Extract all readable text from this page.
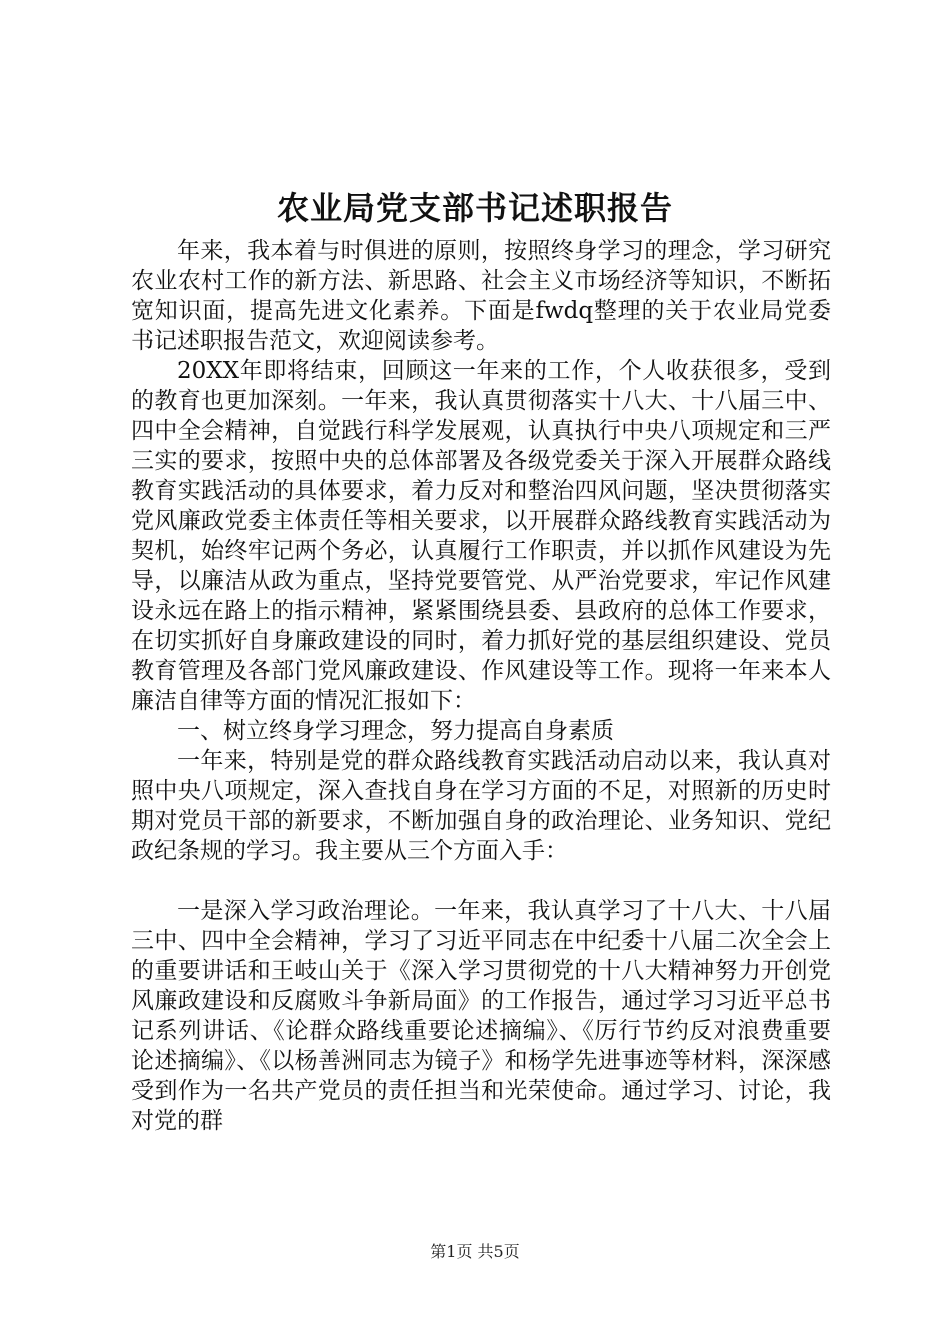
农业局党支部书记述职报告

年来，我本着与时俱进的原则，按照终身学习的理念，学习研究农业农村工作的新方法、新思路、社会主义市场经济等知识，不断拓宽知识面，提高先进文化素养。下面是fwdq整理的关于农业局党委书记述职报告范文，欢迎阅读参考。

20XX年即将结束，回顾这一年来的工作，个人收获很多，受到的教育也更加深刻。一年来，我认真贯彻落实十八大、十八届三中、四中全会精神，自觉践行科学发展观，认真执行中央八项规定和三严三实的要求，按照中央的总体部署及各级党委关于深入开展群众路线教育实践活动的具体要求，着力反对和整治四风问题，坚决贯彻落实党风廉政党委主体责任等相关要求，以开展群众路线教育实践活动为契机，始终牢记两个务必，认真履行工作职责，并以抓作风建设为先导，以廉洁从政为重点，坚持党要管党、从严治党要求，牢记作风建设永远在路上的指示精神，紧紧围绕县委、县政府的总体工作要求，在切实抓好自身廉政建设的同时，着力抓好党的基层组织建设、党员教育管理及各部门党风廉政建设、作风建设等工作。现将一年来本人廉洁自律等方面的情况汇报如下：

一、树立终身学习理念，努力提高自身素质

一年来，特别是党的群众路线教育实践活动启动以来，我认真对照中央八项规定，深入查找自身在学习方面的不足，对照新的历史时期对党员干部的新要求，不断加强自身的政治理论、业务知识、党纪政纪条规的学习。我主要从三个方面入手：

一是深入学习政治理论。一年来，我认真学习了十八大、十八届三中、四中全会精神，学习了习近平同志在中纪委十八届二次全会上的重要讲话和王岐山关于《深入学习贯彻党的十八大精神努力开创党风廉政建设和反腐败斗争新局面》的工作报告，通过学习习近平总书记系列讲话、《论群众路线重要论述摘编》、《厉行节约反对浪费重要论述摘编》、《以杨善洲同志为镜子》和杨学先进事迹等材料，深深感受到作为一名共产党员的责任担当和光荣使命。通过学习、讨论，我对党的群

第1页 共5页
